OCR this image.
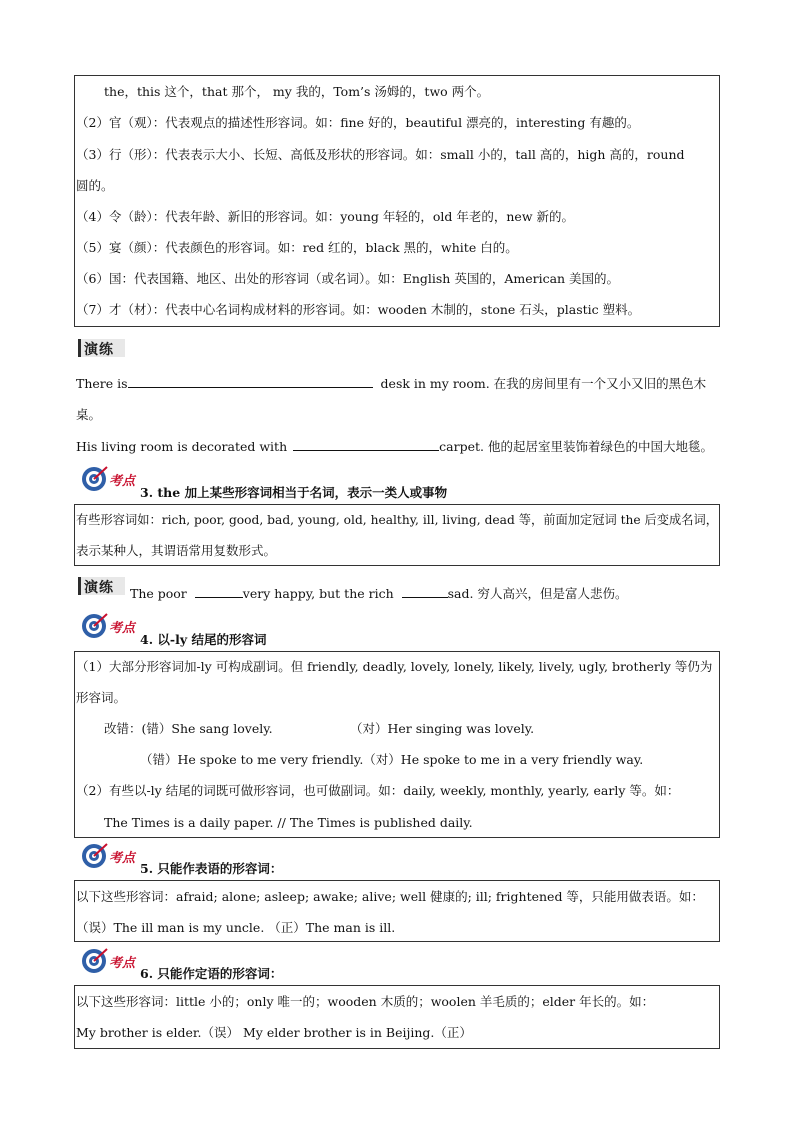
the，this 这个，that 那个， my 我的，Tom’s 汤姆的，two 两个。
（2）官（观）：代表观点的描述性形容词。如：fine 好的，beautiful 漂亮的，interesting 有趣的。
（3）行（形）：代表表示大小、长短、高低及形状的形容词。如：small 小的，tall 高的，high 高的，round
圆的。
（4）令（龄）：代表年龄、新旧的形容词。如：young 年轻的，old 年老的，new 新的。
（5）宴（颜）：代表颜色的形容词。如：red 红的，black 黑的，white 白的。
（6）国：代表国籍、地区、出处的形容词（或名词）。如：English 英国的，American 美国的。
（7）才（材）：代表中心名词构成材料的形容词。如：wooden 木制的，stone 石头，plastic 塑料。
演练
There is	desk in my room. 在我的房间里有一个又小又旧的黑色木
桌。
His living room is decorated with	carpet. 他的起居室里装饰着绿色的中国大地毯。
考点
3. the 加上某些形容词相当于名词，表示一类人或事物
有些形容词如：rich, poor, good, bad, young, old, healthy, ill, living, dead 等，前面加定冠词 the 后变成名词，
表示某种人，其谓语常用复数形式。
演练 The poor	very happy, but the rich	sad. 穷人高兴，但是富人悲伤。
考点
4. 以-ly 结尾的形容词
（1）大部分形容词加-ly 可构成副词。但 friendly, deadly, lovely, lonely, likely, lively, ugly, brotherly 等仍为
形容词。
改错：(错）She sang lovely.	（对）Her singing was lovely.
（错）He spoke to me very friendly.（对）He spoke to me in a very friendly way.
（2）有些以-ly 结尾的词既可做形容词，也可做副词。如：daily, weekly, monthly, yearly, early 等。如：
The Times is a daily paper. // The Times is published daily.
考点
5. 只能作表语的形容词：
以下这些形容词：afraid; alone; asleep; awake; alive; well 健康的; ill; frightened 等，只能用做表语。如：
（误）The ill man is my uncle. （正）The man is ill.
考点
6. 只能作定语的形容词：
以下这些形容词：little 小的；only 唯一的；wooden 木质的；woolen 羊毛质的；elder 年长的。如：
My brother is elder.（误） My elder brother is in Beijing.（正）
